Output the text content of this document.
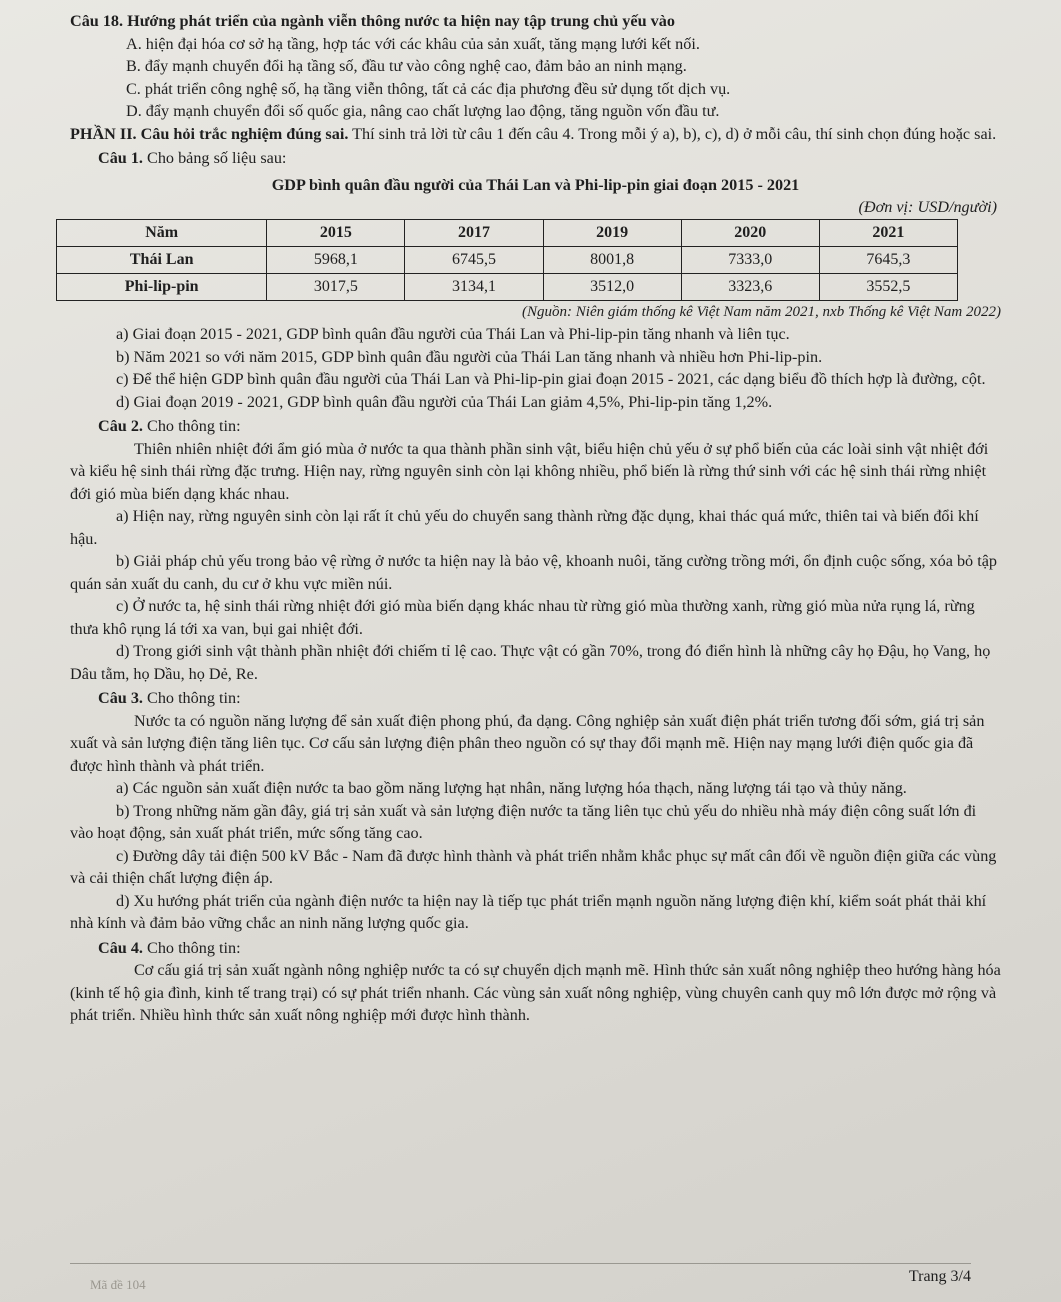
Câu 18. Hướng phát triển của ngành viễn thông nước ta hiện nay tập trung chủ yếu vào

A. hiện đại hóa cơ sở hạ tầng, hợp tác với các khâu của sản xuất, tăng mạng lưới kết nối.

B. đẩy mạnh chuyển đổi hạ tầng số, đầu tư vào công nghệ cao, đảm bảo an ninh mạng.

C. phát triển công nghệ số, hạ tầng viễn thông, tất cả các địa phương đều sử dụng tốt dịch vụ.

D. đẩy mạnh chuyển đổi số quốc gia, nâng cao chất lượng lao động, tăng nguồn vốn đầu tư.

PHẦN II. Câu hỏi trắc nghiệm đúng sai. Thí sinh trả lời từ câu 1 đến câu 4. Trong mỗi ý a), b), c), d) ở mỗi câu, thí sinh chọn đúng hoặc sai.

Câu 1. Cho bảng số liệu sau:

GDP bình quân đầu người của Thái Lan và Phi-lip-pin giai đoạn 2015 - 2021

(Đơn vị: USD/người)

Năm	2015	2017	2019	2020	2021
Thái Lan	5968,1	6745,5	8001,8	7333,0	7645,3
Phi-lip-pin	3017,5	3134,1	3512,0	3323,6	3552,5

(Nguồn: Niên giám thống kê Việt Nam năm 2021, nxb Thống kê Việt Nam 2022)

a) Giai đoạn 2015 - 2021, GDP bình quân đầu người của Thái Lan và Phi-lip-pin tăng nhanh và liên tục.

b) Năm 2021 so với năm 2015, GDP bình quân đầu người của Thái Lan tăng nhanh và nhiều hơn Phi-lip-pin.

c) Để thể hiện GDP bình quân đầu người của Thái Lan và Phi-lip-pin giai đoạn 2015 - 2021, các dạng biểu đồ thích hợp là đường, cột.

d) Giai đoạn 2019 - 2021, GDP bình quân đầu người của Thái Lan giảm 4,5%, Phi-lip-pin tăng 1,2%.

Câu 2. Cho thông tin:

Thiên nhiên nhiệt đới ẩm gió mùa ở nước ta qua thành phần sinh vật, biểu hiện chủ yếu ở sự phổ biến của các loài sinh vật nhiệt đới và kiểu hệ sinh thái rừng đặc trưng. Hiện nay, rừng nguyên sinh còn lại không nhiều, phổ biến là rừng thứ sinh với các hệ sinh thái rừng nhiệt đới gió mùa biến dạng khác nhau.

a) Hiện nay, rừng nguyên sinh còn lại rất ít chủ yếu do chuyển sang thành rừng đặc dụng, khai thác quá mức, thiên tai và biến đổi khí hậu.

b) Giải pháp chủ yếu trong bảo vệ rừng ở nước ta hiện nay là bảo vệ, khoanh nuôi, tăng cường trồng mới, ổn định cuộc sống, xóa bỏ tập quán sản xuất du canh, du cư ở khu vực miền núi.

c) Ở nước ta, hệ sinh thái rừng nhiệt đới gió mùa biến dạng khác nhau từ rừng gió mùa thường xanh, rừng gió mùa nửa rụng lá, rừng thưa khô rụng lá tới xa van, bụi gai nhiệt đới.

d) Trong giới sinh vật thành phần nhiệt đới chiếm tỉ lệ cao. Thực vật có gần 70%, trong đó điển hình là những cây họ Đậu, họ Vang, họ Dâu tằm, họ Dầu, họ Dẻ, Re.

Câu 3. Cho thông tin:

Nước ta có nguồn năng lượng để sản xuất điện phong phú, đa dạng. Công nghiệp sản xuất điện phát triển tương đối sớm, giá trị sản xuất và sản lượng điện tăng liên tục. Cơ cấu sản lượng điện phân theo nguồn có sự thay đổi mạnh mẽ. Hiện nay mạng lưới điện quốc gia đã được hình thành và phát triển.

a) Các nguồn sản xuất điện nước ta bao gồm năng lượng hạt nhân, năng lượng hóa thạch, năng lượng tái tạo và thủy năng.

b) Trong những năm gần đây, giá trị sản xuất và sản lượng điện nước ta tăng liên tục chủ yếu do nhiều nhà máy điện công suất lớn đi vào hoạt động, sản xuất phát triển, mức sống tăng cao.

c) Đường dây tải điện 500 kV Bắc - Nam đã được hình thành và phát triển nhằm khắc phục sự mất cân đối về nguồn điện giữa các vùng và cải thiện chất lượng điện áp.

d) Xu hướng phát triển của ngành điện nước ta hiện nay là tiếp tục phát triển mạnh nguồn năng lượng điện khí, kiểm soát phát thải khí nhà kính và đảm bảo vững chắc an ninh năng lượng quốc gia.

Câu 4. Cho thông tin:

Cơ cấu giá trị sản xuất ngành nông nghiệp nước ta có sự chuyển dịch mạnh mẽ. Hình thức sản xuất nông nghiệp theo hướng hàng hóa (kinh tế hộ gia đình, kinh tế trang trại) có sự phát triển nhanh. Các vùng sản xuất nông nghiệp, vùng chuyên canh quy mô lớn được mở rộng và phát triển. Nhiều hình thức sản xuất nông nghiệp mới được hình thành.

Mã đề 104	Trang 3/4
